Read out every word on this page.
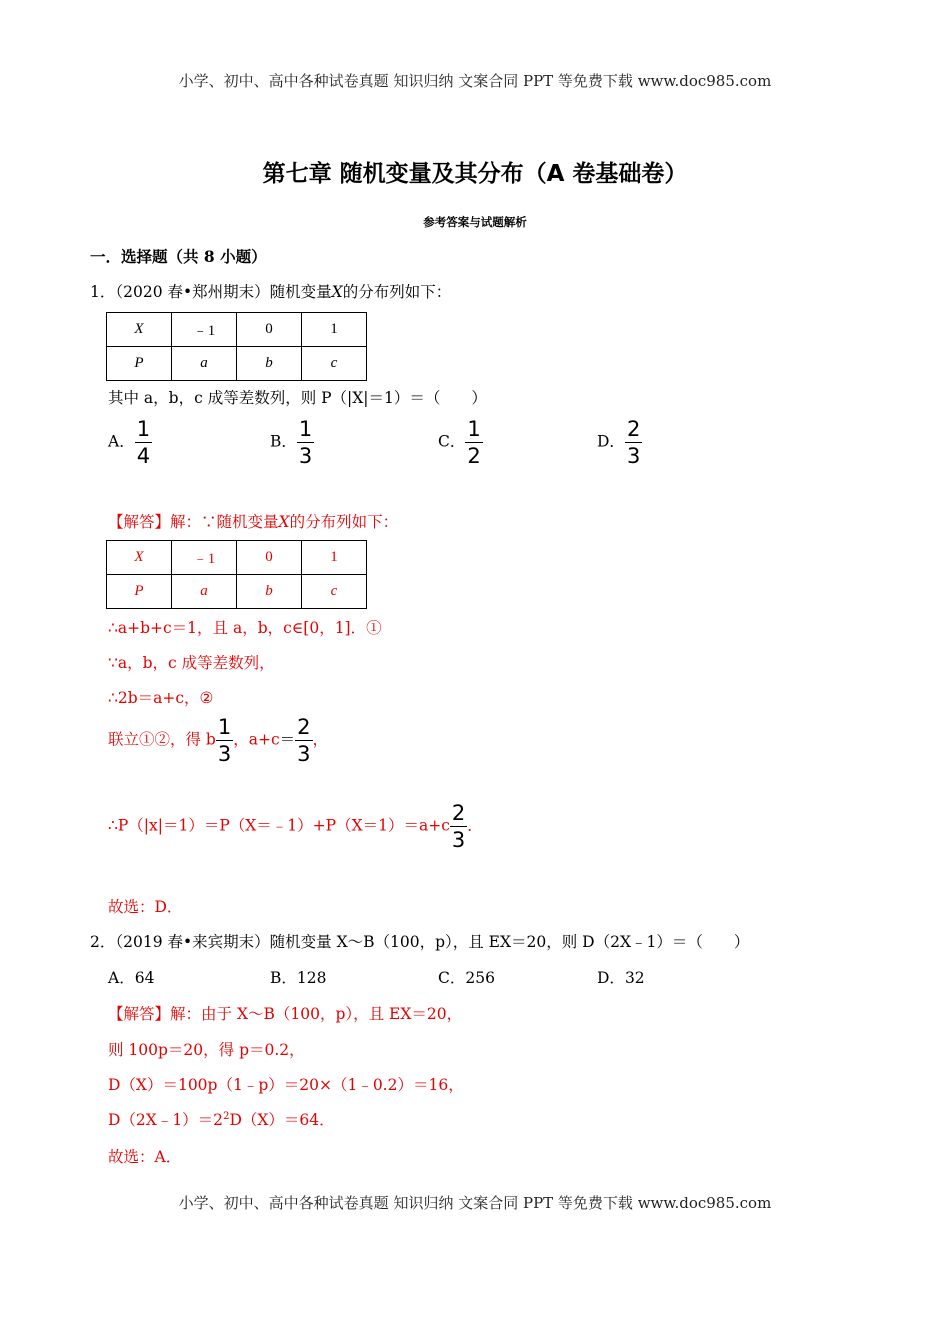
小学、初中、高中各种试卷真题 知识归纳 文案合同 PPT 等免费下载 www.doc985.com
第七章 随机变量及其分布（A 卷基础卷）
参考答案与试题解析
一．选择题（共 8 小题）
1．（2020 春•郑州期末）随机变量X的分布列如下：
X	﹣1	0	1
P	a	b	c
其中 a，b，c 成等差数列，则 P（|X|＝1）＝（　　）
A． $\frac{1}{4}$	B． $\frac{1}{3}$	C． $\frac{1}{2}$	D． $\frac{2}{3}$
【解答】解：∵随机变量X的分布列如下：
X	﹣1	0	1
P	a	b	c
∴a+b+c＝1，且 a，b，c∈[0，1]．①
∵a，b，c 成等差数列，
∴2b＝a+c，②
联立①②，得 b $\frac{1}{3}$ ，$a+c= \frac{2}{3}$ ，
∴P（|x|＝1）＝P（X＝﹣1）+P（X＝1）＝a+c $\frac{2}{3}$ ．
故选：D．
2．（2019 春•来宾期末）随机变量 X～B（100，p），且 EX＝20，则 D（2X﹣1）＝（　　）
A．64	B．128	C．256	D．32
【解答】解：由于 X～B（100，p），且 EX＝20，
则 100p＝20，得 p＝0.2，
D（X）＝100p（1﹣p）＝20×（1﹣0.2）＝16，
$D(2X﹣1)=2^2D(X)=64$．
故选：A．
小学、初中、高中各种试卷真题 知识归纳 文案合同 PPT 等免费下载 www.doc985.com
